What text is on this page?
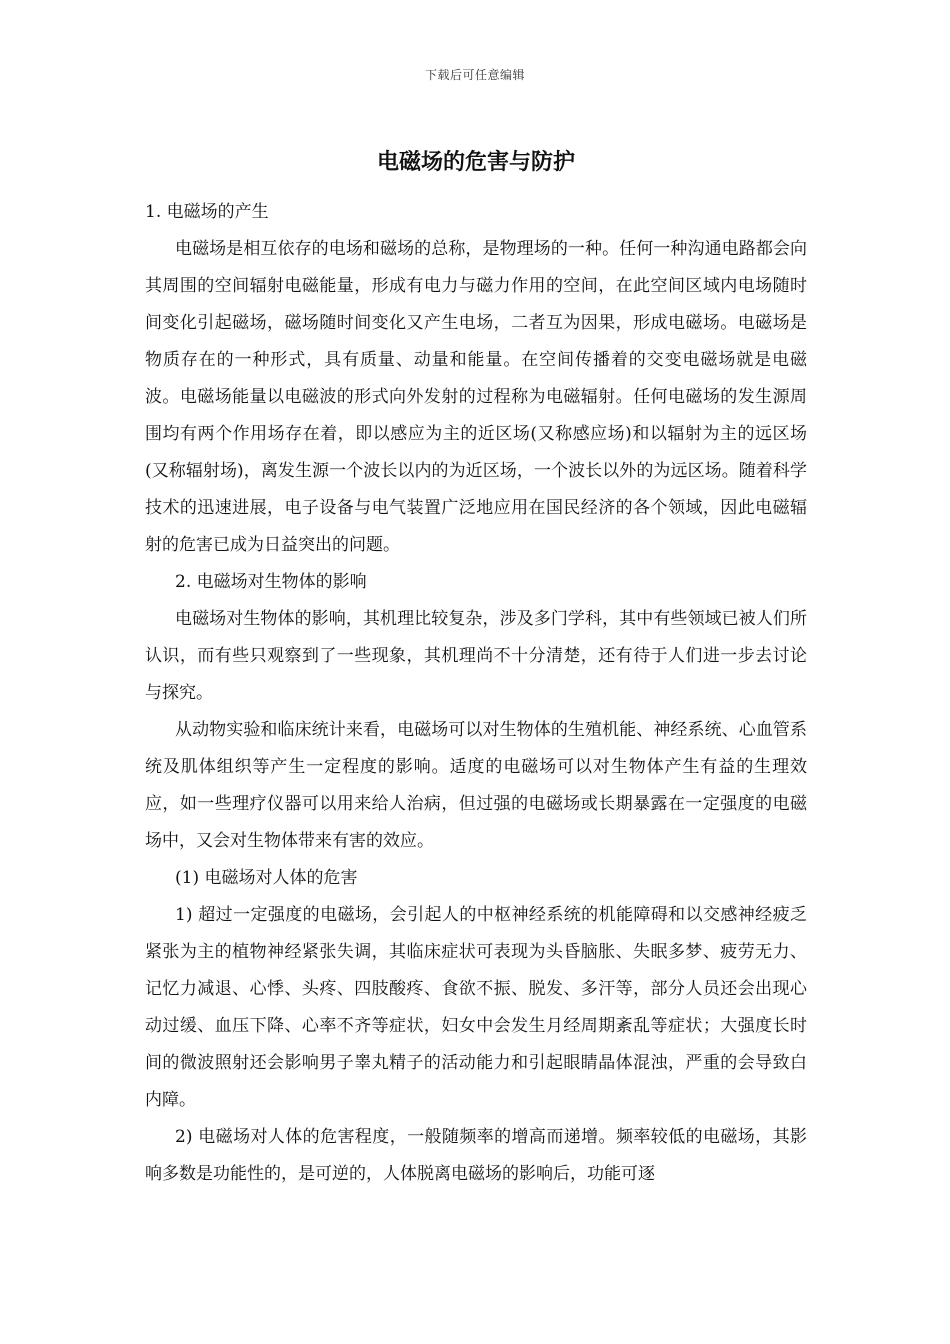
下载后可任意编辑
电磁场的危害与防护

1. 电磁场的产生

电磁场是相互依存的电场和磁场的总称，是物理场的一种。任何一种沟通电路都会向其周围的空间辐射电磁能量，形成有电力与磁力作用的空间，在此空间区域内电场随时间变化引起磁场，磁场随时间变化又产生电场，二者互为因果，形成电磁场。电磁场是物质存在的一种形式，具有质量、动量和能量。在空间传播着的交变电磁场就是电磁波。电磁场能量以电磁波的形式向外发射的过程称为电磁辐射。任何电磁场的发生源周围均有两个作用场存在着，即以感应为主的近区场(又称感应场)和以辐射为主的远区场(又称辐射场)，离发生源一个波长以内的为近区场，一个波长以外的为远区场。随着科学技术的迅速进展，电子设备与电气装置广泛地应用在国民经济的各个领域，因此电磁辐射的危害已成为日益突出的问题。

2. 电磁场对生物体的影响

电磁场对生物体的影响，其机理比较复杂，涉及多门学科，其中有些领域已被人们所认识，而有些只观察到了一些现象，其机理尚不十分清楚，还有待于人们进一步去讨论与探究。

从动物实验和临床统计来看，电磁场可以对生物体的生殖机能、神经系统、心血管系统及肌体组织等产生一定程度的影响。适度的电磁场可以对生物体产生有益的生理效应，如一些理疗仪器可以用来给人治病，但过强的电磁场或长期暴露在一定强度的电磁场中，又会对生物体带来有害的效应。

(1) 电磁场对人体的危害

1) 超过一定强度的电磁场，会引起人的中枢神经系统的机能障碍和以交感神经疲乏紧张为主的植物神经紧张失调，其临床症状可表现为头昏脑胀、失眠多梦、疲劳无力、记忆力减退、心悸、头疼、四肢酸疼、食欲不振、脱发、多汗等，部分人员还会出现心动过缓、血压下降、心率不齐等症状，妇女中会发生月经周期紊乱等症状；大强度长时间的微波照射还会影响男子睾丸精子的活动能力和引起眼睛晶体混浊，严重的会导致白内障。

2) 电磁场对人体的危害程度，一般随频率的增高而递增。频率较低的电磁场，其影响多数是功能性的，是可逆的，人体脱离电磁场的影响后，功能可逐
